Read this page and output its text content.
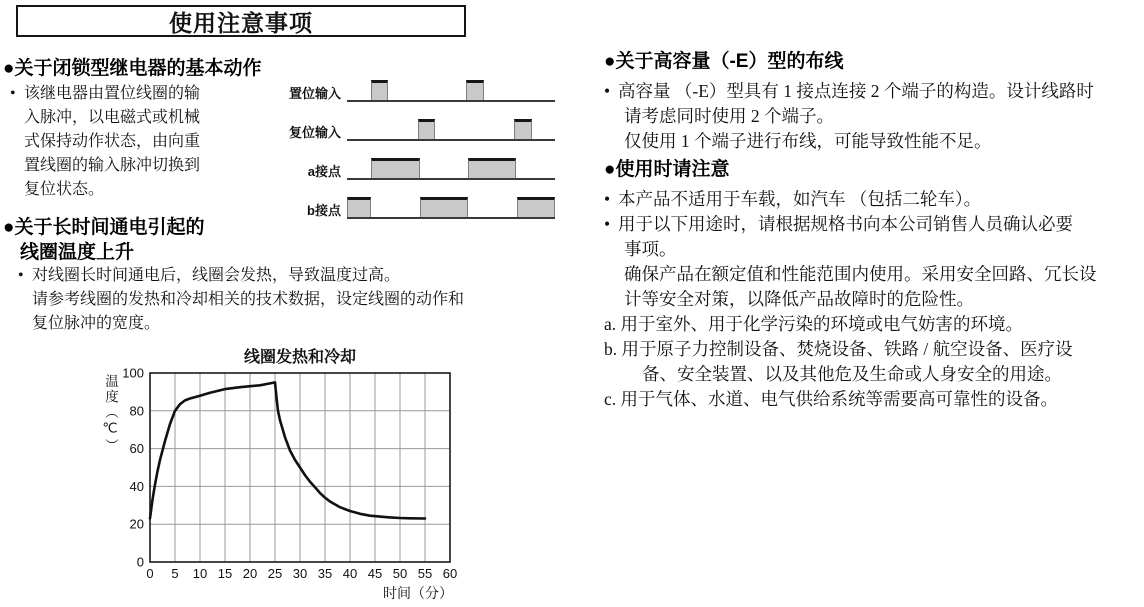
使用注意事项
●关于闭锁型继电器的基本动作
• 该继电器由置位线圈的输
入脉冲，以电磁式或机械
式保持动作状态，由向重
置线圈的输入脉冲切换到
复位状态。
置位输入
复位输入
a接点
b接点
●关于长时间通电引起的
线圈温度上升
• 对线圈长时间通电后，线圈会发热，导致温度过高。
请参考线圈的发热和冷却相关的技术数据，设定线圈的动作和
复位脉冲的宽度。
线圈发热和冷却
温度（℃）
时间（分）
0
20
40
60
80
100
0 5 10 15 20 25 30 35 40 45 50 55 60
●关于高容量（-E）型的布线
• 高容量 （-E）型具有 1 接点连接 2 个端子的构造。设计线路时
请考虑同时使用 2 个端子。
仅使用 1 个端子进行布线，可能导致性能不足。
●使用时请注意
• 本产品不适用于车载，如汽车 （包括二轮车）。
• 用于以下用途时，请根据规格书向本公司销售人员确认必要
事项。
确保产品在额定值和性能范围内使用。采用安全回路、冗长设
计等安全对策，以降低产品故障时的危险性。
a. 用于室外、用于化学污染的环境或电气妨害的环境。
b. 用于原子力控制设备、焚烧设备、铁路 / 航空设备、医疗设
备、安全装置、以及其他危及生命或人身安全的用途。
c. 用于气体、水道、电气供给系统等需要高可靠性的设备。
